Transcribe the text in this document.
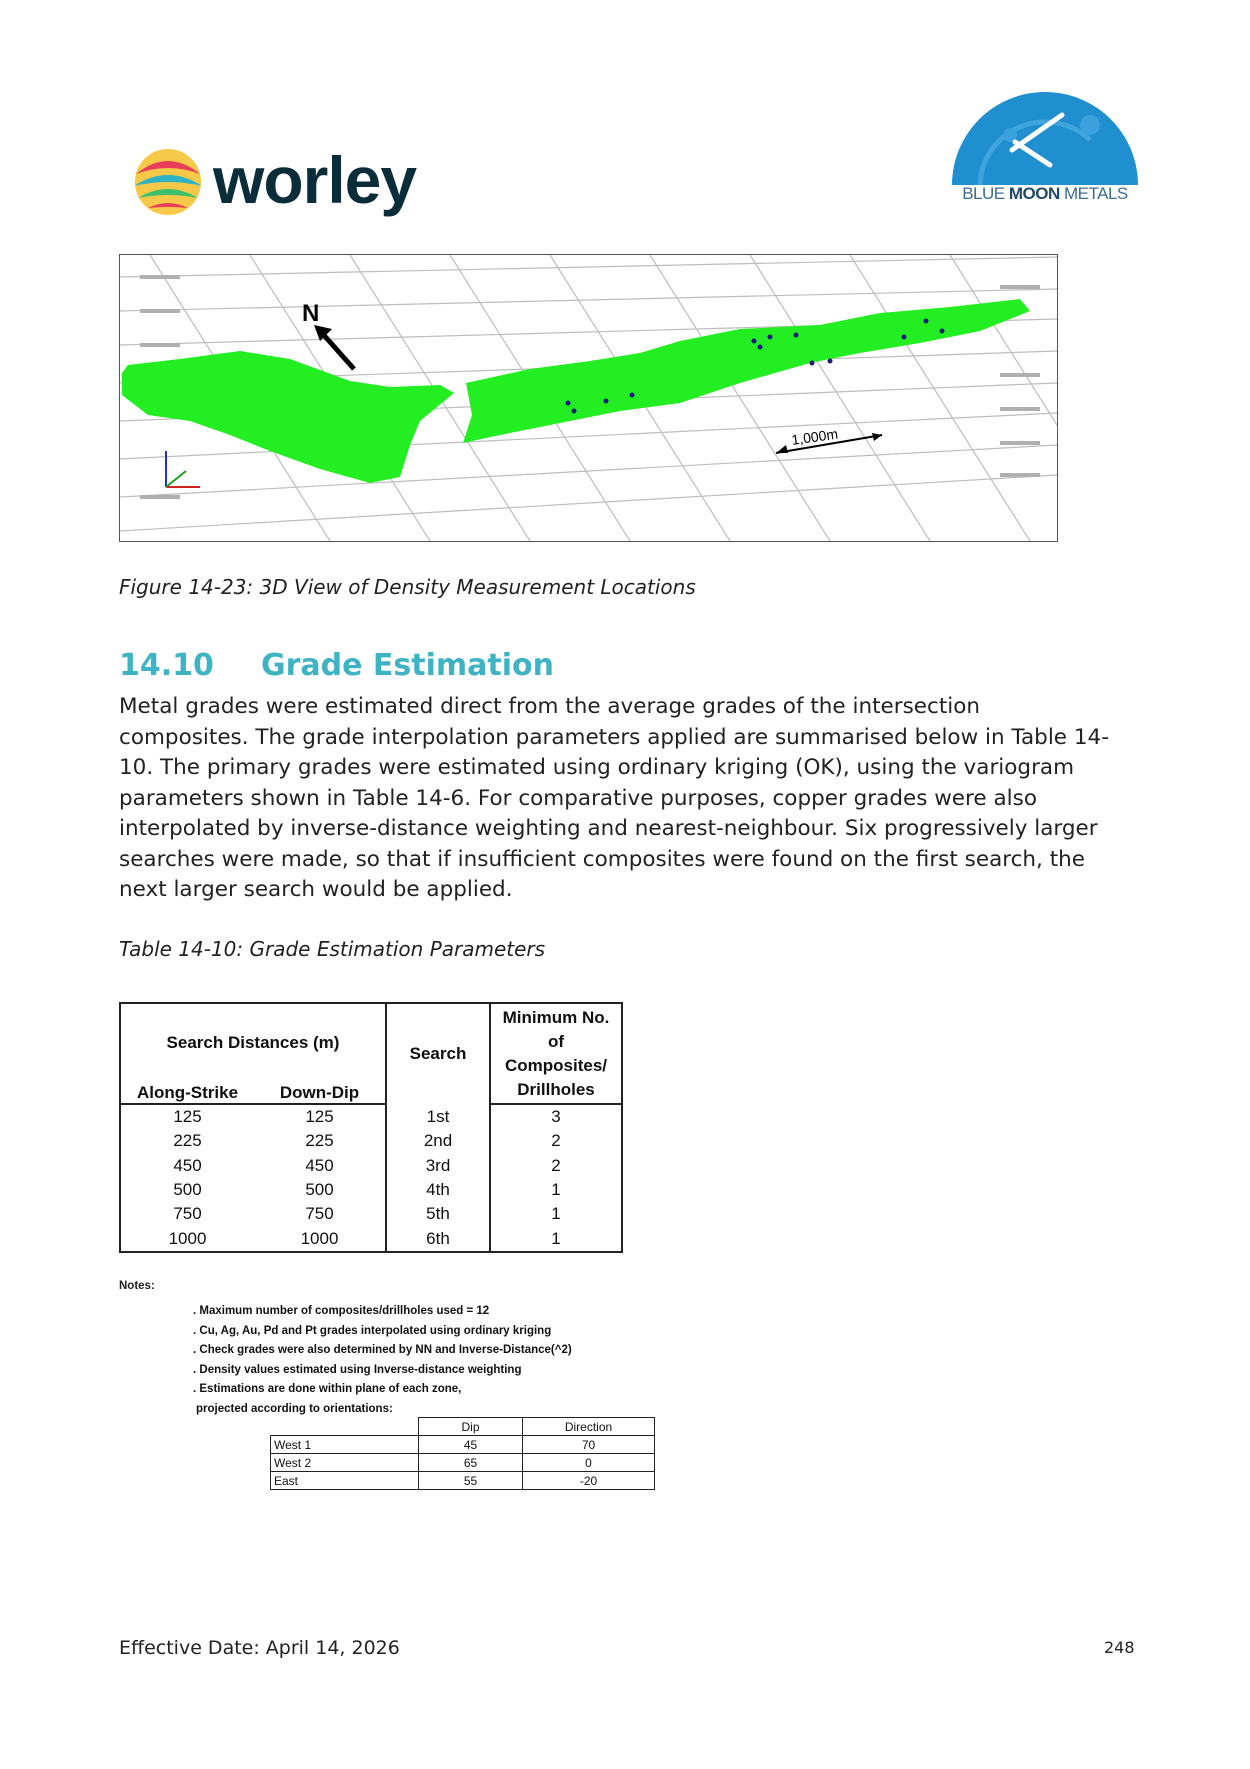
worley	BLUE MOON METALS
N
1,000m
Figure 14-23: 3D View of Density Measurement Locations
14.10 Grade Estimation
Metal grades were estimated direct from the average grades of the intersection composites. The grade interpolation parameters applied are summarised below in Table 14-10. The primary grades were estimated using ordinary kriging (OK), using the variogram parameters shown in Table 14-6. For comparative purposes, copper grades were also interpolated by inverse-distance weighting and nearest-neighbour. Six progressively larger searches were made, so that if insufficient composites were found on the first search, the next larger search would be applied.
Table 14-10: Grade Estimation Parameters
Search Distances (m)		Search	Minimum No.
of
Composites/
Drillholes

Along-Strike	Down-Dip		
125	125	1st	3
225	225	2nd	2
450	450	3rd	2
500	500	4th	1
750	750	5th	1
1000	1000	6th	1
Notes:
. Maximum number of composites/drillholes used = 12
. Cu, Ag, Au, Pd and Pt grades interpolated using ordinary kriging
. Check grades were also determined by NN and Inverse-Distance(^2)
. Density values estimated using Inverse-distance weighting
. Estimations are done within plane of each zone,
projected according to orientations:
	Dip	Direction
West 1	45	70
West 2	65	0
East	55	-20
Effective Date: April 14, 2026	248
